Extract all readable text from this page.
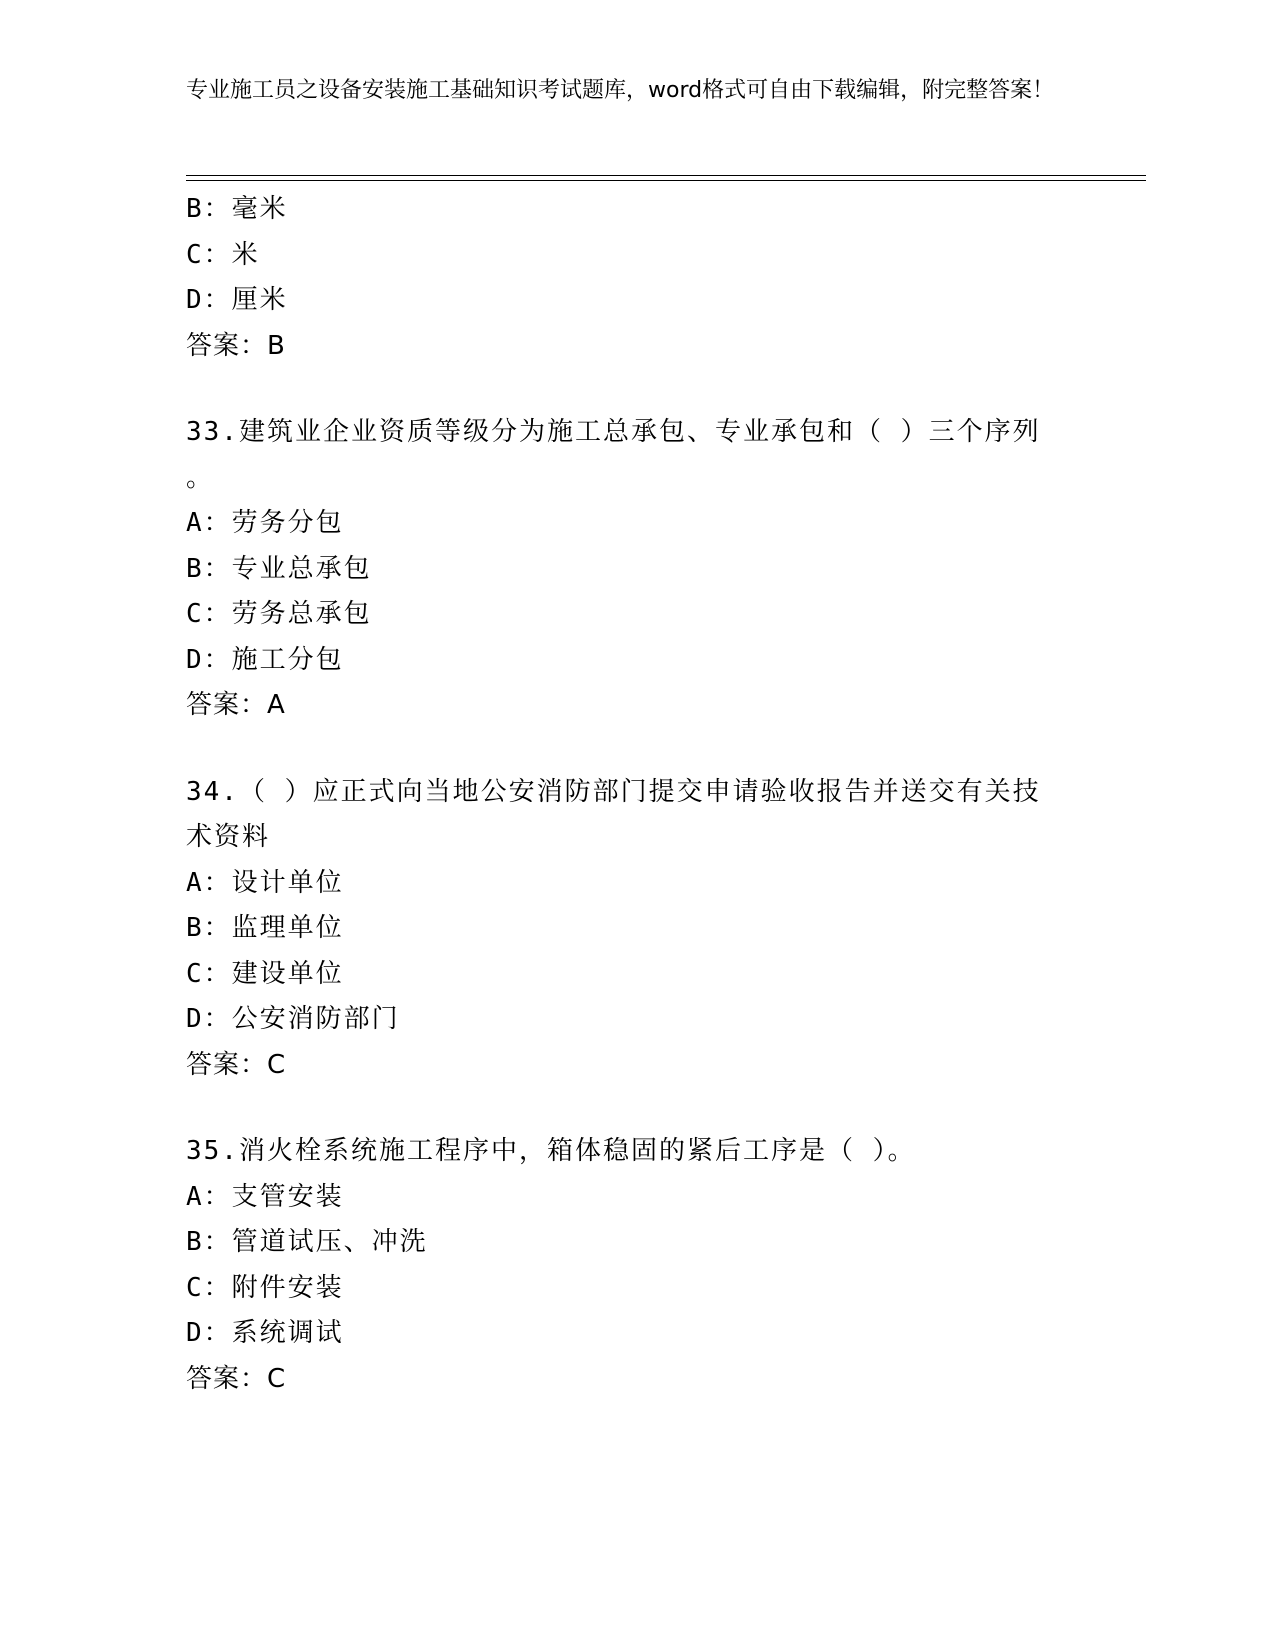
专业施工员之设备安装施工基础知识考试题库，word格式可自由下载编辑，附完整答案！
B：毫米
C：米
D：厘米
答案：B
33.建筑业企业资质等级分为施工总承包、专业承包和（ ）三个序列
。
A：劳务分包
B：专业总承包
C：劳务总承包
D：施工分包
答案：A
34.（ ）应正式向当地公安消防部门提交申请验收报告并送交有关技
术资料
A：设计单位
B：监理单位
C：建设单位
D：公安消防部门
答案：C
35.消火栓系统施工程序中，箱体稳固的紧后工序是（ ）。
A：支管安装
B：管道试压、冲洗
C：附件安装
D：系统调试
答案：C
